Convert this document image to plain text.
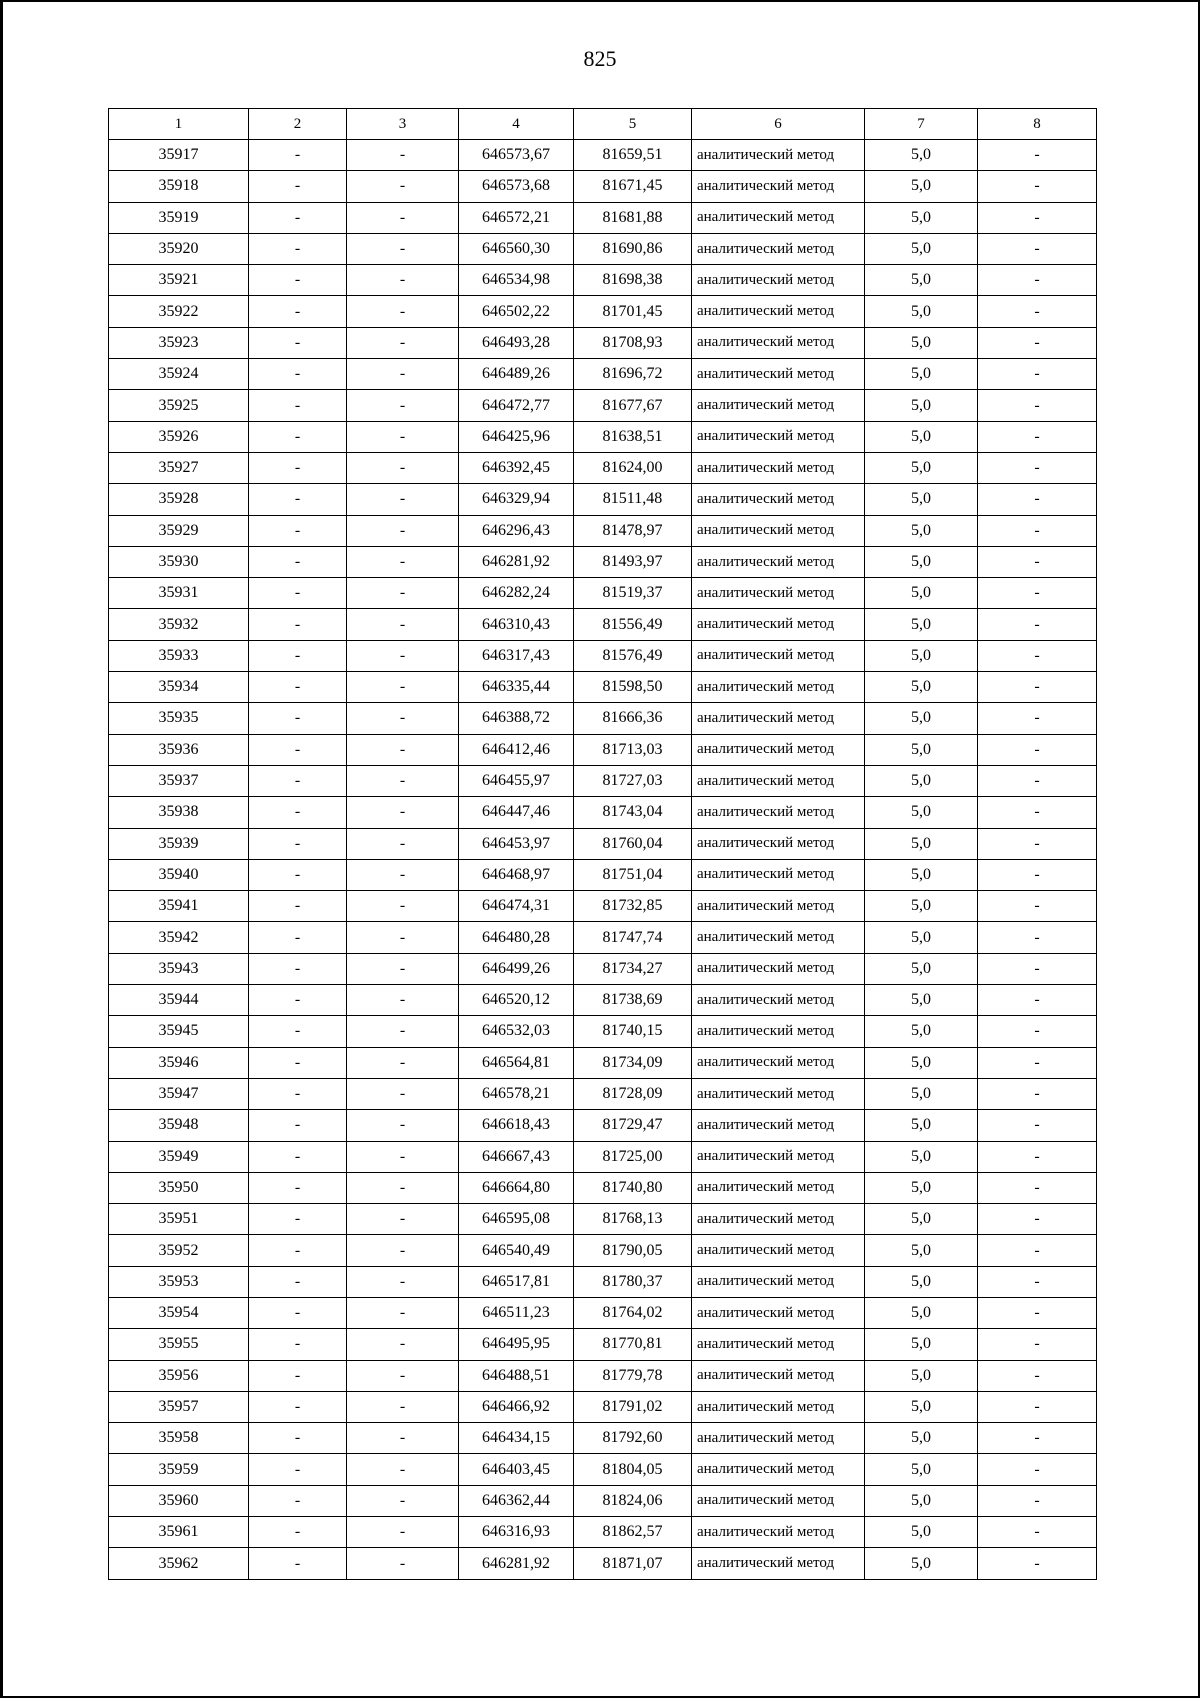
825
1	2	3	4	5	6	7	8
35917	-	-	646573,67	81659,51	аналитический метод	5,0	-
35918	-	-	646573,68	81671,45	аналитический метод	5,0	-
35919	-	-	646572,21	81681,88	аналитический метод	5,0	-
35920	-	-	646560,30	81690,86	аналитический метод	5,0	-
35921	-	-	646534,98	81698,38	аналитический метод	5,0	-
35922	-	-	646502,22	81701,45	аналитический метод	5,0	-
35923	-	-	646493,28	81708,93	аналитический метод	5,0	-
35924	-	-	646489,26	81696,72	аналитический метод	5,0	-
35925	-	-	646472,77	81677,67	аналитический метод	5,0	-
35926	-	-	646425,96	81638,51	аналитический метод	5,0	-
35927	-	-	646392,45	81624,00	аналитический метод	5,0	-
35928	-	-	646329,94	81511,48	аналитический метод	5,0	-
35929	-	-	646296,43	81478,97	аналитический метод	5,0	-
35930	-	-	646281,92	81493,97	аналитический метод	5,0	-
35931	-	-	646282,24	81519,37	аналитический метод	5,0	-
35932	-	-	646310,43	81556,49	аналитический метод	5,0	-
35933	-	-	646317,43	81576,49	аналитический метод	5,0	-
35934	-	-	646335,44	81598,50	аналитический метод	5,0	-
35935	-	-	646388,72	81666,36	аналитический метод	5,0	-
35936	-	-	646412,46	81713,03	аналитический метод	5,0	-
35937	-	-	646455,97	81727,03	аналитический метод	5,0	-
35938	-	-	646447,46	81743,04	аналитический метод	5,0	-
35939	-	-	646453,97	81760,04	аналитический метод	5,0	-
35940	-	-	646468,97	81751,04	аналитический метод	5,0	-
35941	-	-	646474,31	81732,85	аналитический метод	5,0	-
35942	-	-	646480,28	81747,74	аналитический метод	5,0	-
35943	-	-	646499,26	81734,27	аналитический метод	5,0	-
35944	-	-	646520,12	81738,69	аналитический метод	5,0	-
35945	-	-	646532,03	81740,15	аналитический метод	5,0	-
35946	-	-	646564,81	81734,09	аналитический метод	5,0	-
35947	-	-	646578,21	81728,09	аналитический метод	5,0	-
35948	-	-	646618,43	81729,47	аналитический метод	5,0	-
35949	-	-	646667,43	81725,00	аналитический метод	5,0	-
35950	-	-	646664,80	81740,80	аналитический метод	5,0	-
35951	-	-	646595,08	81768,13	аналитический метод	5,0	-
35952	-	-	646540,49	81790,05	аналитический метод	5,0	-
35953	-	-	646517,81	81780,37	аналитический метод	5,0	-
35954	-	-	646511,23	81764,02	аналитический метод	5,0	-
35955	-	-	646495,95	81770,81	аналитический метод	5,0	-
35956	-	-	646488,51	81779,78	аналитический метод	5,0	-
35957	-	-	646466,92	81791,02	аналитический метод	5,0	-
35958	-	-	646434,15	81792,60	аналитический метод	5,0	-
35959	-	-	646403,45	81804,05	аналитический метод	5,0	-
35960	-	-	646362,44	81824,06	аналитический метод	5,0	-
35961	-	-	646316,93	81862,57	аналитический метод	5,0	-
35962	-	-	646281,92	81871,07	аналитический метод	5,0	-
